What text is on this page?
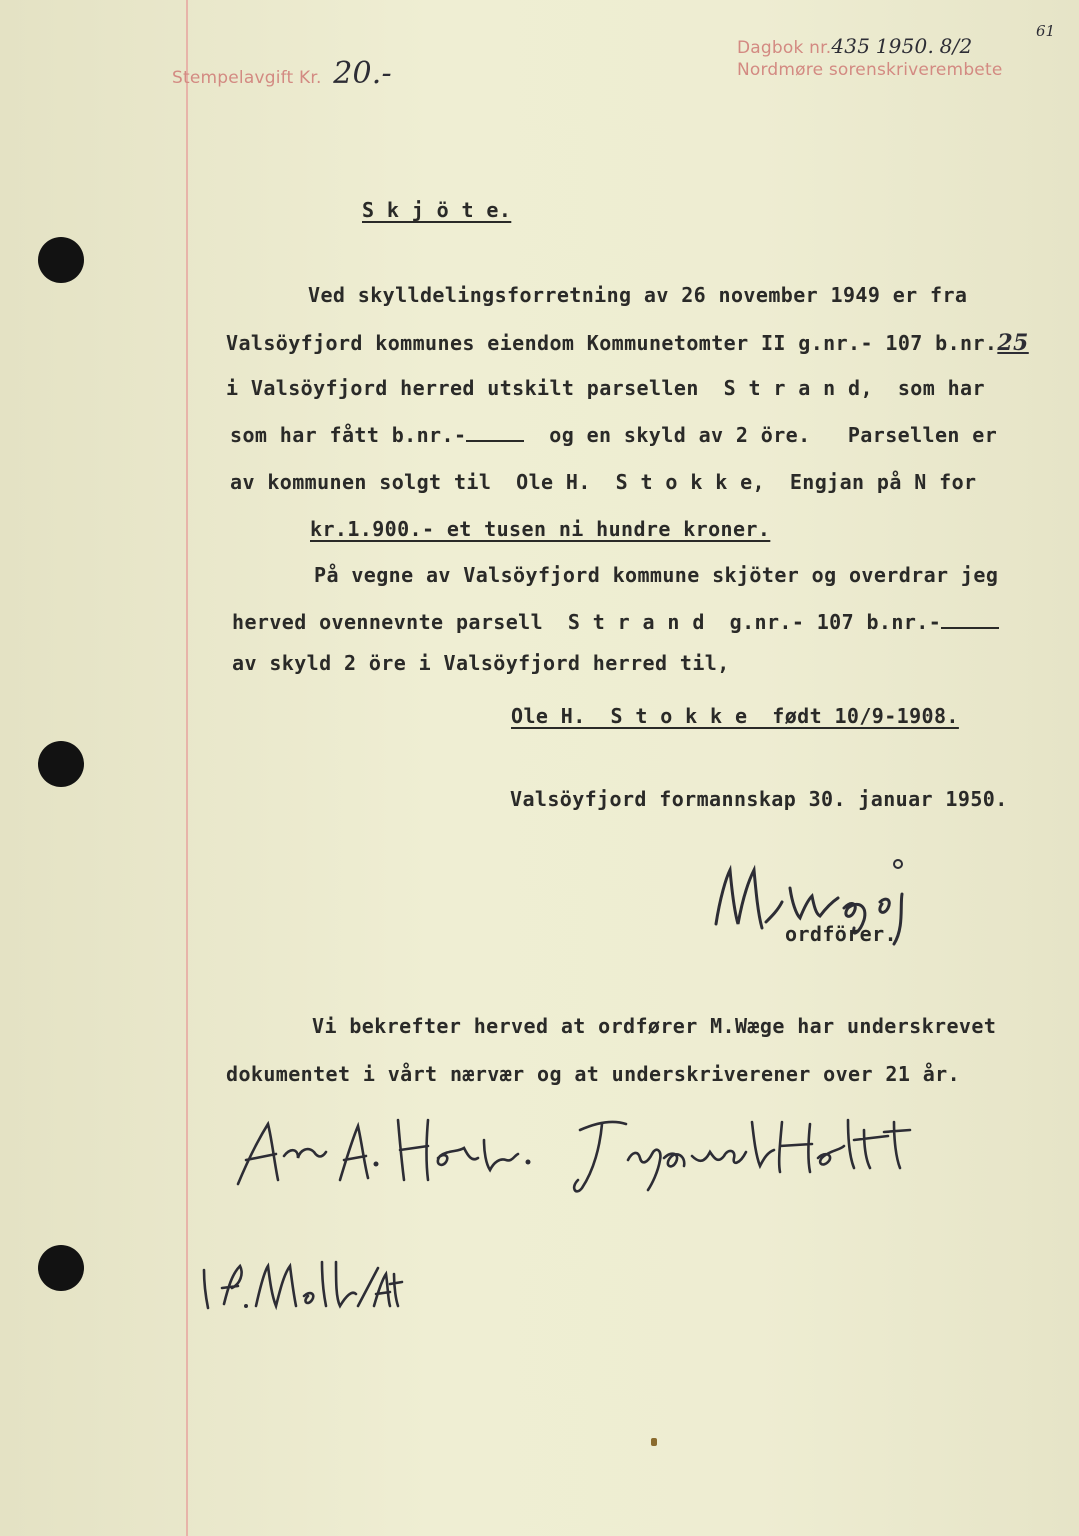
Stempelavgift Kr. 20.-
Dagbok nr.435 1950. 8/2
61
Nordmøre sorenskriverembete
S k j ö t e.
Ved skylldelingsforretning av 26 november 1949 er fra
Valsöyfjord kommunes eiendom Kommunetomter II g.nr.- 107 b.nr.25
i Valsöyfjord herred utskilt parsellen  S t r a n d,  som har
som har fått b.nr.-	og en skyld av 2 öre.   Parsellen er
av kommunen solgt til  Ole H.  S t o k k e,  Engjan på N for
kr.1.900.- et tusen ni hundre kroner.
På vegne av Valsöyfjord kommune skjöter og overdrar jeg
herved ovennevnte parsell  S t r a n d  g.nr.- 107 b.nr.-
av skyld 2 öre i Valsöyfjord herred til,
Ole H.  S t o k k e  født 10/9-1908.
Valsöyfjord formannskap 30. januar 1950.
ordförer.
Vi bekrefter herved at ordfører M.Wæge har underskrevet
dokumentet i vårt nærvær og at underskriverener over 21 år.
